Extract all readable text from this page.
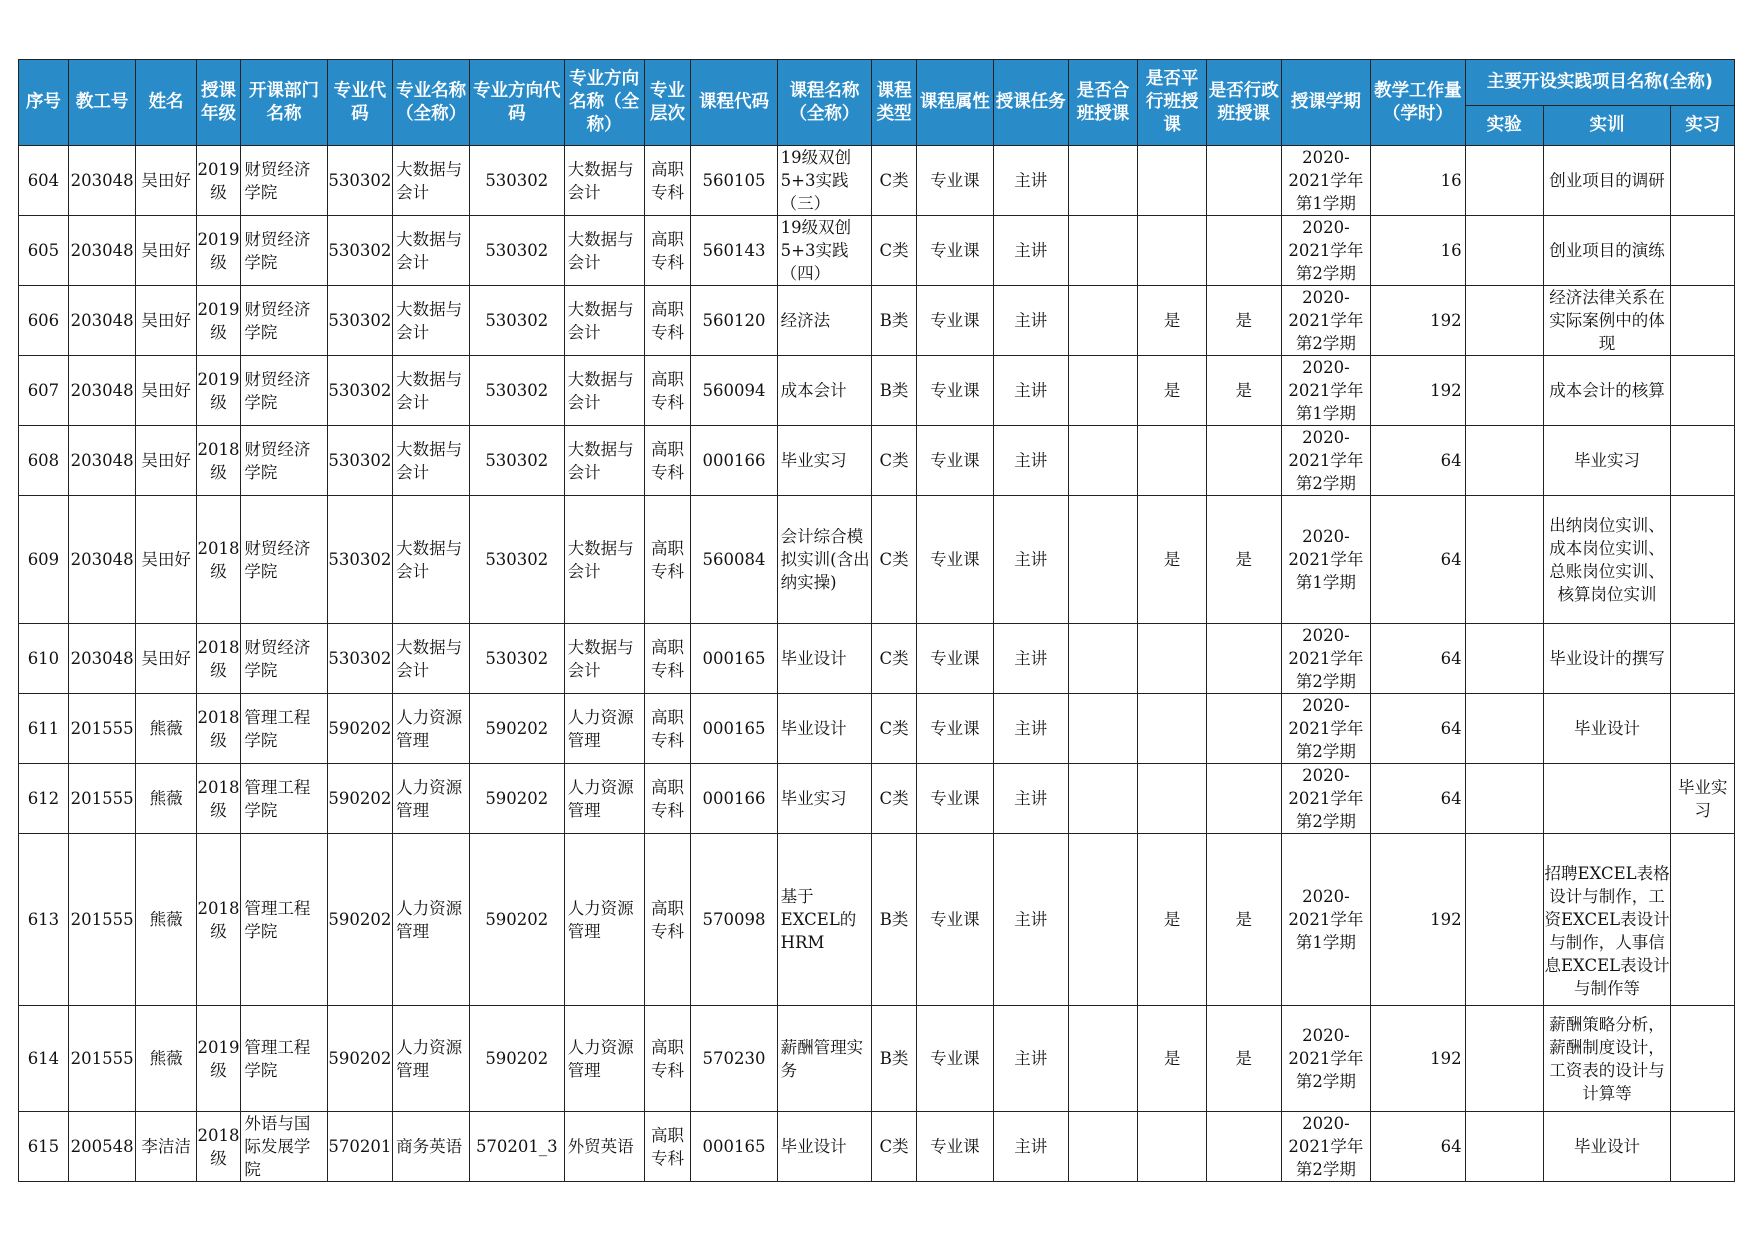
序号	教工号	姓名	授课年级	开课部门名称	专业代码	专业名称（全称）	专业方向代码	专业方向名称（全称）	专业层次	课程代码	课程名称（全称）	课程类型	课程属性	授课任务	是否合班授课	是否平行班授课	是否行政班授课	授课学期	教学工作量（学时）	主要开设实践项目名称(全称)		
																				实验	实训	实习

604	203048	吴田好	2019级	财贸经济学院	530302	大数据与会计	530302	大数据与会计	高职专科	560105	19级双创5+3实践（三）	C类	专业课	主讲				2020-2021学年第1学期	16		创业项目的调研	

605	203048	吴田好	2019级	财贸经济学院	530302	大数据与会计	530302	大数据与会计	高职专科	560143	19级双创5+3实践（四）	C类	专业课	主讲				2020-2021学年第2学期	16		创业项目的演练	

606	203048	吴田好	2019级	财贸经济学院	530302	大数据与会计	530302	大数据与会计	高职专科	560120	经济法	B类	专业课	主讲		是	是	2020-2021学年第2学期	192		经济法律关系在实际案例中的体现	

607	203048	吴田好	2019级	财贸经济学院	530302	大数据与会计	530302	大数据与会计	高职专科	560094	成本会计	B类	专业课	主讲		是	是	2020-2021学年第1学期	192		成本会计的核算	

608	203048	吴田好	2018级	财贸经济学院	530302	大数据与会计	530302	大数据与会计	高职专科	000166	毕业实习	C类	专业课	主讲				2020-2021学年第2学期	64		毕业实习	

609	203048	吴田好	2018级	财贸经济学院	530302	大数据与会计	530302	大数据与会计	高职专科	560084	会计综合模拟实训(含出纳实操)	C类	专业课	主讲		是	是	2020-2021学年第1学期	64		出纳岗位实训、成本岗位实训、总账岗位实训、核算岗位实训	

610	203048	吴田好	2018级	财贸经济学院	530302	大数据与会计	530302	大数据与会计	高职专科	000165	毕业设计	C类	专业课	主讲				2020-2021学年第2学期	64		毕业设计的撰写	

611	201555	熊薇	2018级	管理工程学院	590202	人力资源管理	590202	人力资源管理	高职专科	000165	毕业设计	C类	专业课	主讲				2020-2021学年第2学期	64		毕业设计	

612	201555	熊薇	2018级	管理工程学院	590202	人力资源管理	590202	人力资源管理	高职专科	000166	毕业实习	C类	专业课	主讲				2020-2021学年第2学期	64			毕业实习

613	201555	熊薇	2018级	管理工程学院	590202	人力资源管理	590202	人力资源管理	高职专科	570098	基于EXCEL的HRM	B类	专业课	主讲		是	是	2020-2021学年第1学期	192		招聘EXCEL表格设计与制作，工资EXCEL表设计与制作，人事信息EXCEL表设计与制作等	

614	201555	熊薇	2019级	管理工程学院	590202	人力资源管理	590202	人力资源管理	高职专科	570230	薪酬管理实务	B类	专业课	主讲		是	是	2020-2021学年第2学期	192		薪酬策略分析，薪酬制度设计，工资表的设计与计算等	

615	200548	李洁洁	2018级	外语与国际发展学院	570201	商务英语	570201_3	外贸英语	高职专科	000165	毕业设计	C类	专业课	主讲				2020-2021学年第2学期	64		毕业设计	
